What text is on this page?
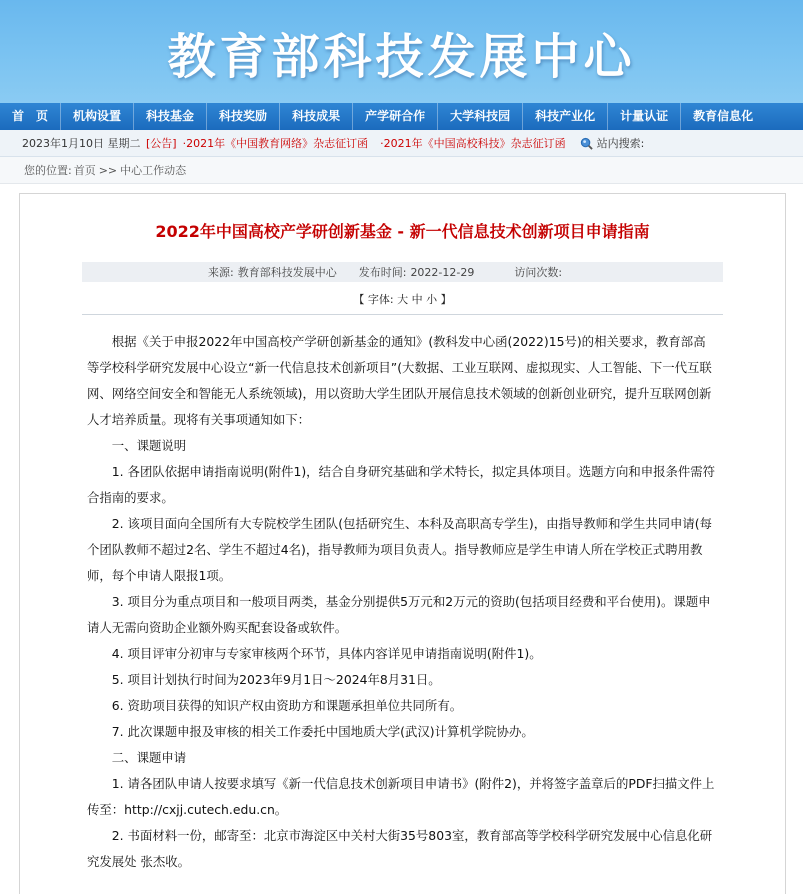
教育部科技发展中心
首　页	机构设置	科技基金	科技奖励	科技成果	产学研合作	大学科技园	科技产业化	计量认证	教育信息化
2023年1月10日 星期二 [公告] ·2021年《中国教育网络》杂志征订函 ·2021年《中国高校科技》杂志征订函	站内搜索:
您的位置: 首页 >> 中心工作动态
2022年中国高校产学研创新基金 - 新一代信息技术创新项目申请指南
来源: 教育部科技发展中心 发布时间: 2022-12-29	访问次数:
【 字体: 大 中 小 】

根据《关于申报2022年中国高校产学研创新基金的通知》(教科发中心函(2022)15号)的相关要求，教育部高等学校科学研究发展中心设立“新一代信息技术创新项目”(大数据、工业互联网、虚拟现实、人工智能、下一代互联网、网络空间安全和智能无人系统领域)，用以资助大学生团队开展信息技术领域的创新创业研究，提升互联网创新人才培养质量。现将有关事项通知如下：

一、课题说明

1. 各团队依据申请指南说明(附件1)，结合自身研究基础和学术特长，拟定具体项目。选题方向和申报条件需符合指南的要求。

2. 该项目面向全国所有大专院校学生团队(包括研究生、本科及高职高专学生)，由指导教师和学生共同申请(每个团队教师不超过2名、学生不超过4名)，指导教师为项目负责人。指导教师应是学生申请人所在学校正式聘用教师，每个申请人限报1项。

3. 项目分为重点项目和一般项目两类，基金分别提供5万元和2万元的资助(包括项目经费和平台使用)。课题申请人无需向资助企业额外购买配套设备或软件。

4. 项目评审分初审与专家审核两个环节，具体内容详见申请指南说明(附件1)。

5. 项目计划执行时间为2023年9月1日～2024年8月31日。

6. 资助项目获得的知识产权由资助方和课题承担单位共同所有。

7. 此次课题申报及审核的相关工作委托中国地质大学(武汉)计算机学院协办。

二、课题申请

1. 请各团队申请人按要求填写《新一代信息技术创新项目申请书》(附件2)，并将签字盖章后的PDF扫描文件上传至：http://cxjj.cutech.edu.cn。

2. 书面材料一份，邮寄至：北京市海淀区中关村大街35号803室，教育部高等学校科学研究发展中心信息化研究发展处 张杰收。
